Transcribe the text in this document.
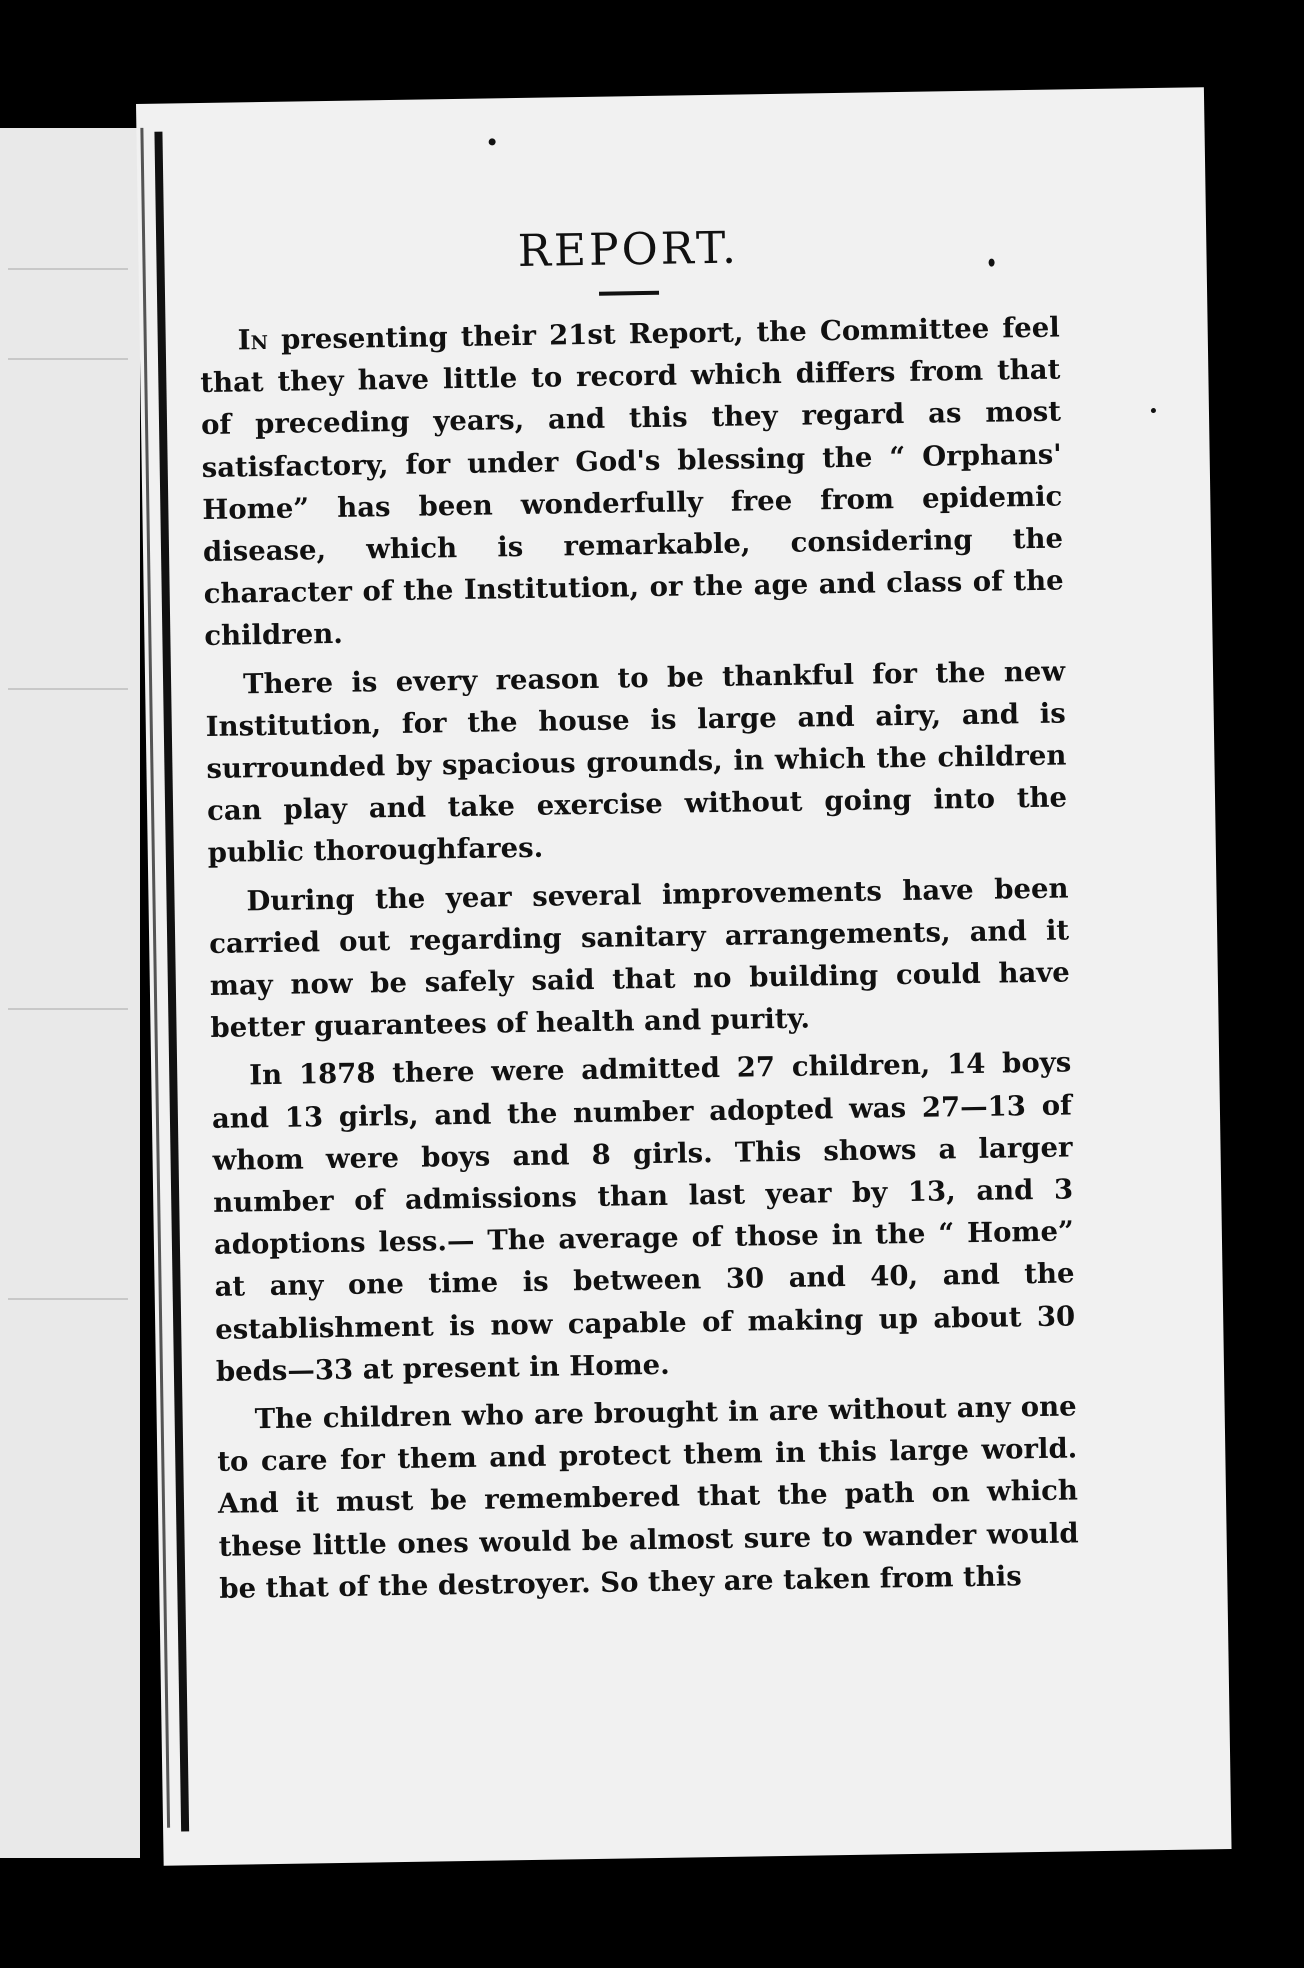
REPORT.

In presenting their 21st Report, the Committee feel that they have little to record which differs from that of preceding years, and this they regard as most satisfactory, for under God's blessing the “ Orphans' Home” has been wonderfully free from epidemic disease, which is remarkable, considering the character of the Institution, or the age and class of the children.

There is every reason to be thankful for the new Institution, for the house is large and airy, and is surrounded by spacious grounds, in which the children can play and take exercise without going into the public thoroughfares.

During the year several improvements have been carried out regarding sanitary arrangements, and it may now be safely said that no building could have better guarantees of health and purity.

In 1878 there were admitted 27 children, 14 boys and 13 girls, and the number adopted was 27—13 of whom were boys and 8 girls. This shows a larger number of admissions than last year by 13, and 3 adoptions less.— The average of those in the “ Home” at any one time is between 30 and 40, and the establishment is now capable of making up about 30 beds—33 at present in Home.

The children who are brought in are without any one to care for them and protect them in this large world. And it must be remembered that the path on which these little ones would be almost sure to wander would be that of the destroyer. So they are taken from this
